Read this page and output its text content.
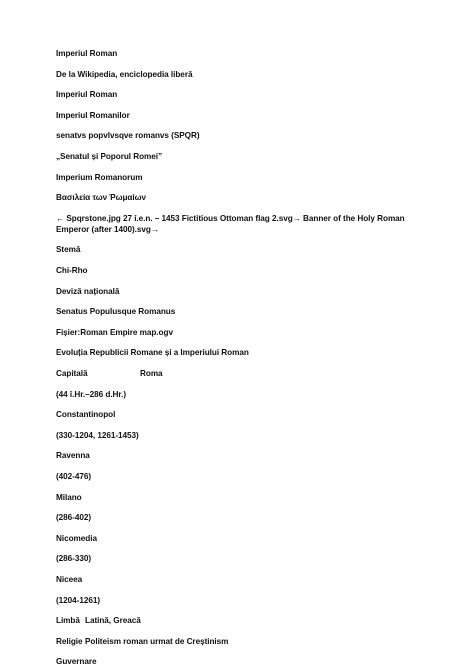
Imperiul Roman
De la Wikipedia, enciclopedia liberă
Imperiul Roman
Imperiul Romanilor
senatvs popvlvsqve romanvs (SPQR)
„Senatul și Poporul Romei”
Imperium Romanorum
Βασιλεία των Ῥωμαίων
← Spqrstone.jpg 27 î.e.n. – 1453 Fictitious Ottoman flag 2.svg→ Banner of the Holy Roman Emperor (after 1400).svg→
Stemă
Chi-Rho
Deviză națională
Senatus Populusque Romanus
Fișier:Roman Empire map.ogv
Evoluția Republicii Romane și a Imperiului Roman
Capitală	Roma
(44 î.Hr.–286 d.Hr.)
Constantinopol
(330-1204, 1261-1453)
Ravenna
(402-476)
Milano
(286-402)
Nicomedia
(286-330)
Niceea
(1204-1261)
Limbă Latină, Greacă
Religie Politeism roman urmat de Creștinism
Guvernare
